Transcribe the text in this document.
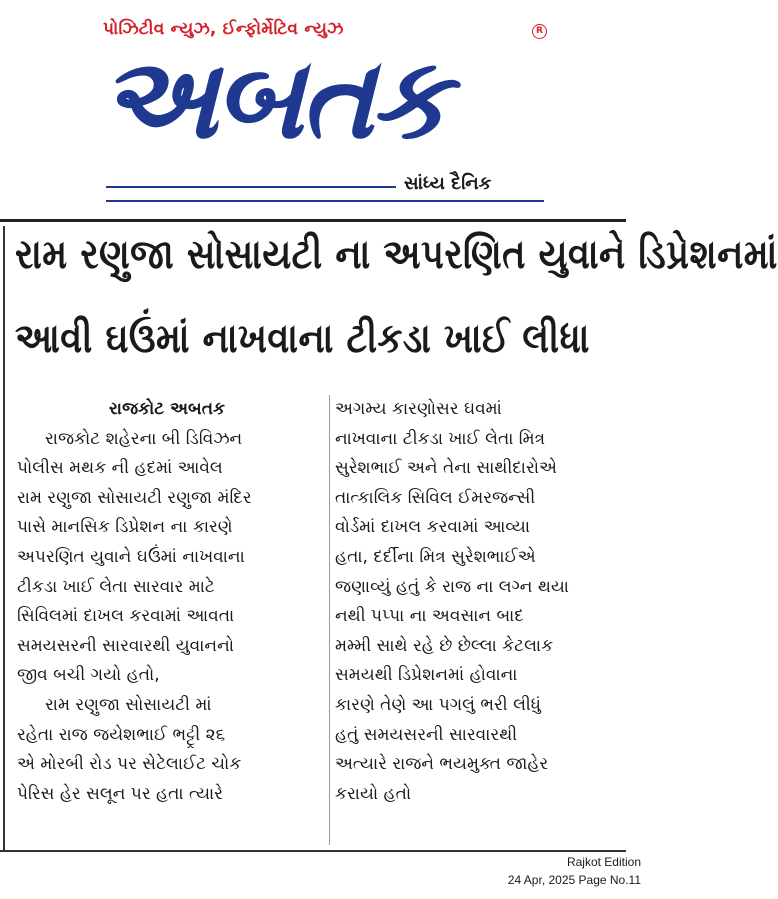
પોઝિટીવ ન્યુઝ, ઈન્ફોર્મેટિવ ન્યુઝ	R
અબતક
સાંધ્ય દૈનિક
રામ રણુજા સોસાયટી ના અપરણિત યુવાને ડિપ્રેશનમાં
આવી ઘઉંમાં નાખવાના ટીકડા ખાઈ લીધા
રાજકોટ અબતક
રાજકોટ શહેરના બી ડિવિઝન
પોલીસ મથક ની હદમાં આવેલ
રામ રણુજા સોસાયટી રણુજા મંદિર
પાસે માનસિક ડિપ્રેશન ના કારણે
અપરણિત યુવાને ઘઉંમાં નાખવાના
ટીકડા ખાઈ લેતા સારવાર માટે
સિવિલમાં દાખલ કરવામાં આવતા
સમયસરની સારવારથી યુવાનનો
જીવ બચી ગયો હતો,
રામ રણુજા સોસાયટી માં
રહેતા રાજ જયેશભાઈ ભટ્ટ્રી ૨૬
એ મોરબી રોડ પર સેટેલાઈટ ચોક
પેરિસ હેર સલૂન પર હતા ત્યારે
અગમ્ય કારણોસર ઘવમાં
નાખવાના ટીકડા ખાઈ લેતા મિત્ર
સુરેશભાઈ અને તેના સાથીદારોએ
તાત્કાલિક સિવિલ ઈમરજન્સી
વોર્ડમાં દાખલ કરવામાં આવ્યા
હતા, દર્દીના મિત્ર સુરેશભાઈએ
જણાવ્યું હતું કે રાજ ના લગ્ન થયા
નથી પપ્પા ના અવસાન બાદ
મમ્મી સાથે રહે છે છેલ્લા કેટલાક
સમયથી ડિપ્રેશનમાં હોવાના
કારણે તેણે આ પગલું ભરી લીધું
હતું સમયસરની સારવારથી
અત્યારે રાજને ભયમુક્ત જાહેર
કરાયો હતો
Rajkot Edition
24 Apr, 2025 Page No.11
